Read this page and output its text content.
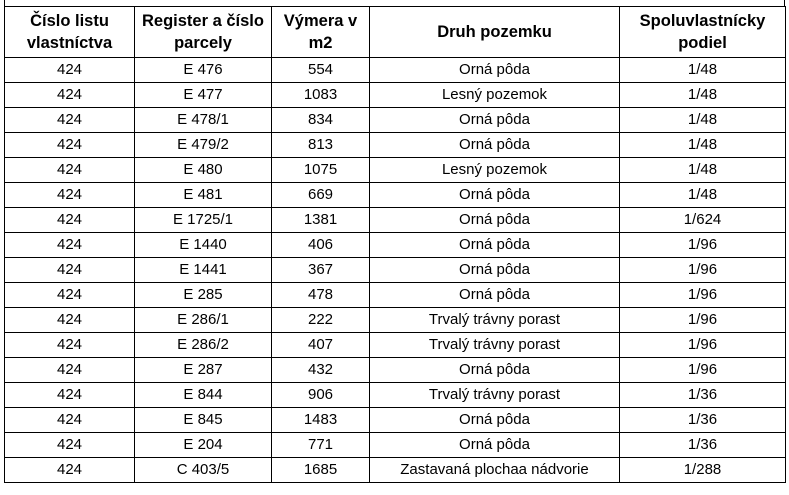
Číslo listu vlastníctva	Register a číslo parcely	Výmera v m2	Druh pozemku	Spoluvlastnícky podiel
424	E 476	554	Orná pôda	1/48
424	E 477	1083	Lesný pozemok	1/48
424	E 478/1	834	Orná pôda	1/48
424	E 479/2	813	Orná pôda	1/48
424	E 480	1075	Lesný pozemok	1/48
424	E 481	669	Orná pôda	1/48
424	E 1725/1	1381	Orná pôda	1/624
424	E 1440	406	Orná pôda	1/96
424	E 1441	367	Orná pôda	1/96
424	E 285	478	Orná pôda	1/96
424	E 286/1	222	Trvalý trávny porast	1/96
424	E 286/2	407	Trvalý trávny porast	1/96
424	E 287	432	Orná pôda	1/96
424	E 844	906	Trvalý trávny porast	1/36
424	E 845	1483	Orná pôda	1/36
424	E 204	771	Orná pôda	1/36
424	C 403/5	1685	Zastavaná plochaa nádvorie	1/288
